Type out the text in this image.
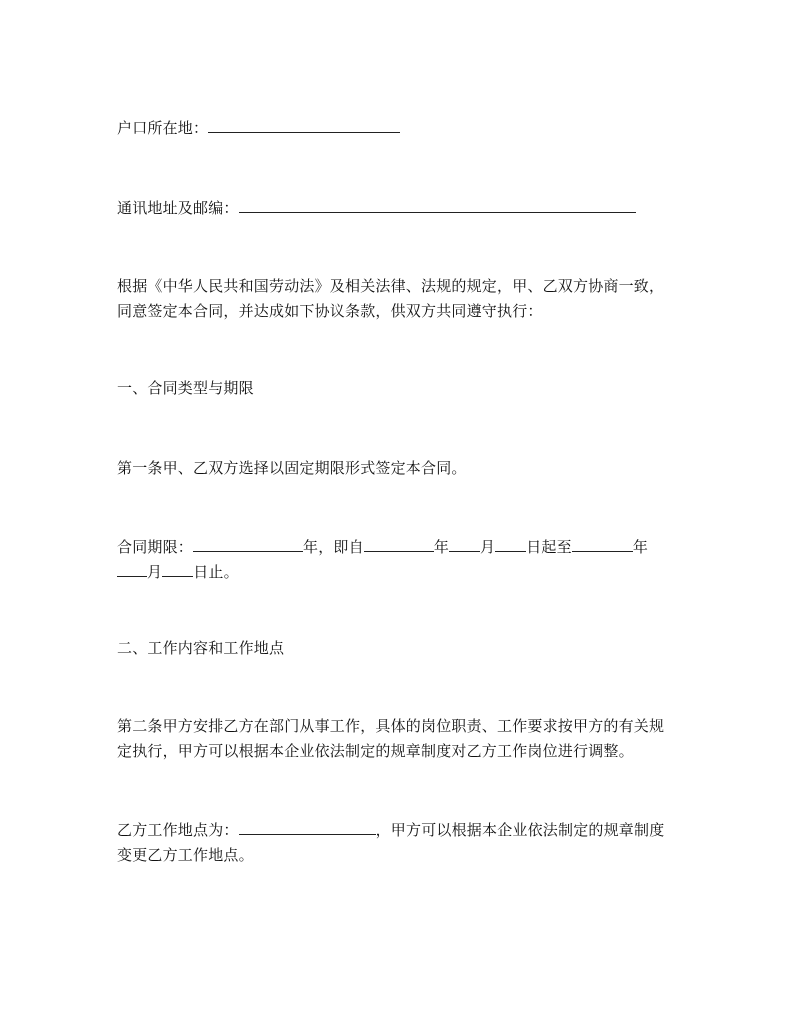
户口所在地：
通讯地址及邮编：
根据《中华人民共和国劳动法》及相关法律、法规的规定，甲、乙双方协商一致，
同意签定本合同，并达成如下协议条款，供双方共同遵守执行：
一、合同类型与期限
第一条甲、乙双方选择以固定期限形式签定本合同。
合同期限：	年，即自	年 月 日起至	年
月 日止。
二、工作内容和工作地点
第二条甲方安排乙方在部门从事工作，具体的岗位职责、工作要求按甲方的有关规
定执行，甲方可以根据本企业依法制定的规章制度对乙方工作岗位进行调整。
乙方工作地点为：	，甲方可以根据本企业依法制定的规章制度
变更乙方工作地点。
